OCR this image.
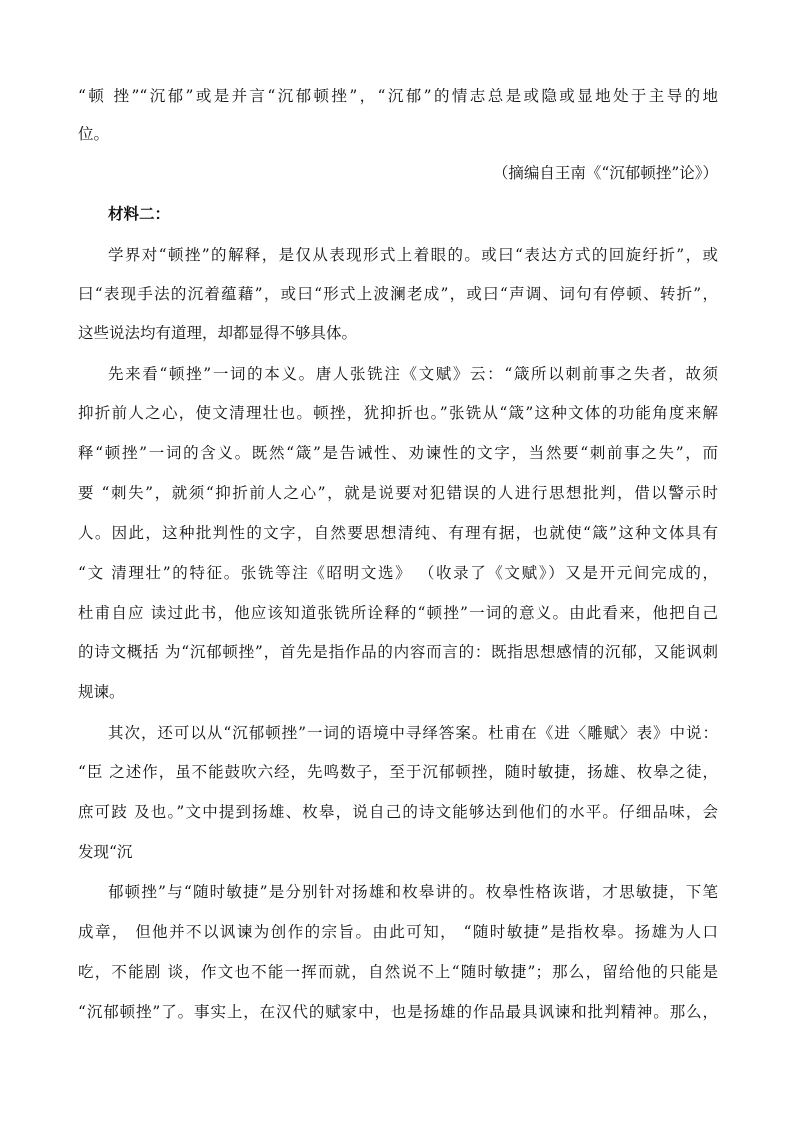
“顿 挫”“沉郁”或是并言“沉郁顿挫”，“沉郁”的情志总是或隐或显地处于主导的地
位。
（摘编自王南《“沉郁顿挫”论》）
材料二：
学界对“顿挫”的解释，是仅从表现形式上着眼的。或曰“表达方式的回旋纡折”，或
曰“表现手法的沉着蕴藉”，或曰“形式上波澜老成”，或曰“声调、词句有停顿、转折”，
这些说法均有道理，却都显得不够具体。
先来看“顿挫”一词的本义。唐人张铣注《文赋》云：“箴所以刺前事之失者，故须
抑折前人之心，使文清理壮也。顿挫，犹抑折也。”张铣从“箴”这种文体的功能角度来解
释“顿挫”一词的含义。既然“箴”是告诫性、劝谏性的文字，当然要“刺前事之失”，而
要 “刺失”，就须“抑折前人之心”，就是说要对犯错误的人进行思想批判，借以警示时
人。因此，这种批判性的文字，自然要思想清纯、有理有据，也就使“箴”这种文体具有
“文 清理壮”的特征。张铣等注《昭明文选》 （收录了《文赋》）又是开元间完成的，
杜甫自应 读过此书，他应该知道张铣所诠释的“顿挫”一词的意义。由此看来，他把自己
的诗文概括 为“沉郁顿挫”，首先是指作品的内容而言的：既指思想感情的沉郁，又能讽刺
规谏。
其次，还可以从“沉郁顿挫”一词的语境中寻绎答案。杜甫在《进〈雕赋〉表》中说：
“臣 之述作，虽不能鼓吹六经，先鸣数子，至于沉郁顿挫，随时敏捷，扬雄、枚皋之徒，
庶可跂 及也。”文中提到扬雄、枚皋，说自己的诗文能够达到他们的水平。仔细品味，会
发现“沉
郁顿挫”与“随时敏捷”是分别针对扬雄和枚皋讲的。枚皋性格诙谐，才思敏捷，下笔
成章， 但他并不以讽谏为创作的宗旨。由此可知， “随时敏捷”是指枚皋。扬雄为人口
吃，不能剧 谈，作文也不能一挥而就，自然说不上“随时敏捷”；那么，留给他的只能是
“沉郁顿挫”了。事实上，在汉代的赋家中，也是扬雄的作品最具讽谏和批判精神。那么，
